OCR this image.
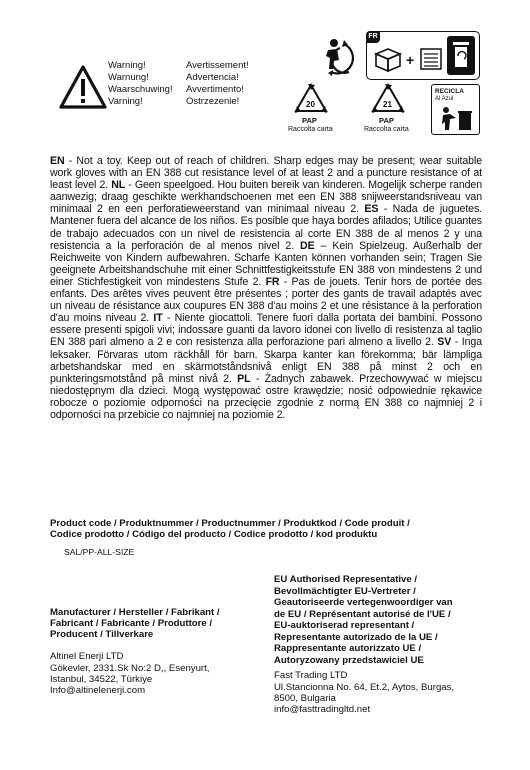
Warning!
Warnung!
Waarschuwing!
Varning!
Avertissement!
Advertencia!
Avvertimento!
Ostrzezenie!
FR
+
20
PAP
Raccolta carta
21
PAP
Raccolta carta
RECICLA
Al Azul
EN - Not a toy. Keep out of reach of children. Sharp edges may be present; wear suitable work gloves with an EN 388 cut resistance level of at least 2 and a puncture resistance of at least level 2. NL - Geen speelgoed. Hou buiten bereik van kinderen. Mogelijk scherpe randen aanwezig; draag geschikte werkhandschoenen met een EN 388 snijweerstandsniveau van minimaal 2 en een perforatieweerstand van minimaal niveau 2. ES - Nada de juguetes. Mantener fuera del alcance de los niños. Es posible que haya bordes afilados; Utilice guantes de trabajo adecuados con un nivel de resistencia al corte EN 388 de al menos 2 y una resistencia a la perforación de al menos nivel 2. DE – Kein Spielzeug. Außerhalb der Reichweite von Kindern aufbewahren. Scharfe Kanten können vorhanden sein; Tragen Sie geeignete Arbeitshandschuhe mit einer Schnittfestigkeitsstufe EN 388 von mindestens 2 und einer Stichfestigkeit von mindestens Stufe 2. FR - Pas de jouets. Tenir hors de portée des enfants. Des arêtes vives peuvent être présentes ; porter des gants de travail adaptés avec un niveau de résistance aux coupures EN 388 d'au moins 2 et une résistance à la perforation d'au moins niveau 2. IT - Niente giocattoli. Tenere fuori dalla portata dei bambini. Possono essere presenti spigoli vivi; indossare guanti da lavoro idonei con livello di resistenza al taglio EN 388 pari almeno a 2 e con resistenza alla perforazione pari almeno a livello 2. SV - Inga leksaker. Förvaras utom räckhåll för barn. Skarpa kanter kan förekomma; bär lämpliga arbetshandskar med en skärmotståndsnivå enligt EN 388 på minst 2 och en punkteringsmotstånd på minst nivå 2. PL - Żadnych zabawek. Przechowywać w miejscu niedostępnym dla dzieci. Mogą występować ostre krawędzie; nosić odpowiednie rękawice robocze o poziomie odporności na przecięcie zgodnie z normą EN 388 co najmniej 2 i odporności na przebicie co najmniej na poziomie 2.
Product code / Produktnummer / Productnummer / Produktkod / Code produit /
Codice prodotto / Código del producto / Codice prodotto / kod produktu
SAL/PP-ALL-SIZE
Manufacturer / Hersteller / Fabrikant /
Fabricant / Fabricante / Produttore /
Producent / Tillverkare
Altinel Enerji LTD
Gökevler, 2331.Sk No:2 D,, Esenyurt,
Istanbul, 34522, Türkiye
Info@altinelenerji.com
EU Authorised Representative /
Bevollmächtigter EU-Vertreter /
Geautoriseerde vertegenwoordiger van
de EU / Représentant autorisé de l'UE /
EU-auktoriserad representant /
Representante autorizado de la UE /
Rappresentante autorizzato UE /
Autoryzowany przedstawiciel UE
Fast Trading LTD
Ul.Stancionna No. 64, Et.2, Aytos, Burgas,
8500, Bulgaria
info@fasttradingltd.net
